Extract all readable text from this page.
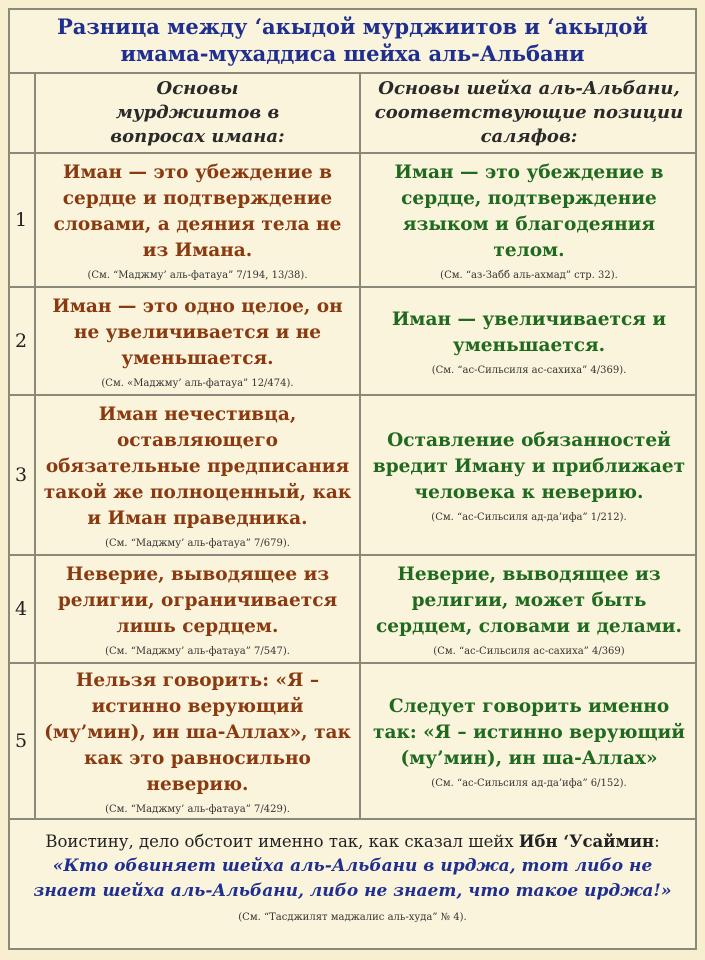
Разница между ‘акыдой мурджиитов и ‘акыдой имама-мухаддиса шейха аль-Альбани
Основы мурджиитов в вопросах имана:
Основы шейха аль-Альбани, соответствующие позиции саляфов:
1
Иман — это убеждение в сердце и подтверждение словами, а деяния тела не из Имана.
(См. “Маджму’ аль-фатауа” 7/194, 13/38).
Иман — это убеждение в сердце, подтверждение языком и благодеяния телом.
(См. “аз-Забб аль-ахмад” стр. 32).
2
Иман — это одно целое, он не увеличивается и не уменьшается.
(См. «Маджму’ аль-фатауа” 12/474).
Иман — увеличивается и уменьшается.
(См. “ас-Сильсиля ас-сахиха” 4/369).
3
Иман нечестивца, оставляющего обязательные предписания такой же полноценный, как и Иман праведника.
(См. “Маджму’ аль-фатауа” 7/679).
Оставление обязанностей вредит Иману и приближает человека к неверию.
(См. “ас-Сильсиля ад-да’ифа” 1/212).
4
Неверие, выводящее из религии, ограничивается лишь сердцем.
(См. “Маджму’ аль-фатауа” 7/547).
Неверие, выводящее из религии, может быть сердцем, словами и делами.
(См. “ас-Сильсиля ас-сахиха” 4/369)
5
Нельзя говорить: «Я – истинно верующий (му’мин), ин ша-Аллах», так как это равносильно неверию.
(См. “Маджму’ аль-фатауа” 7/429).
Следует говорить именно так: «Я – истинно верующий (му’мин), ин ша-Аллах»
(См. “ас-Сильсиля ад-да’ифа” 6/152).
Воистину, дело обстоит именно так, как сказал шейх Ибн ‘Усаймин:
«Кто обвиняет шейха аль-Альбани в ирджа, тот либо не знает шейха аль-Альбани, либо не знает, что такое ирджа!»
(См. “Тасджилят маджалис аль-худа” № 4).
